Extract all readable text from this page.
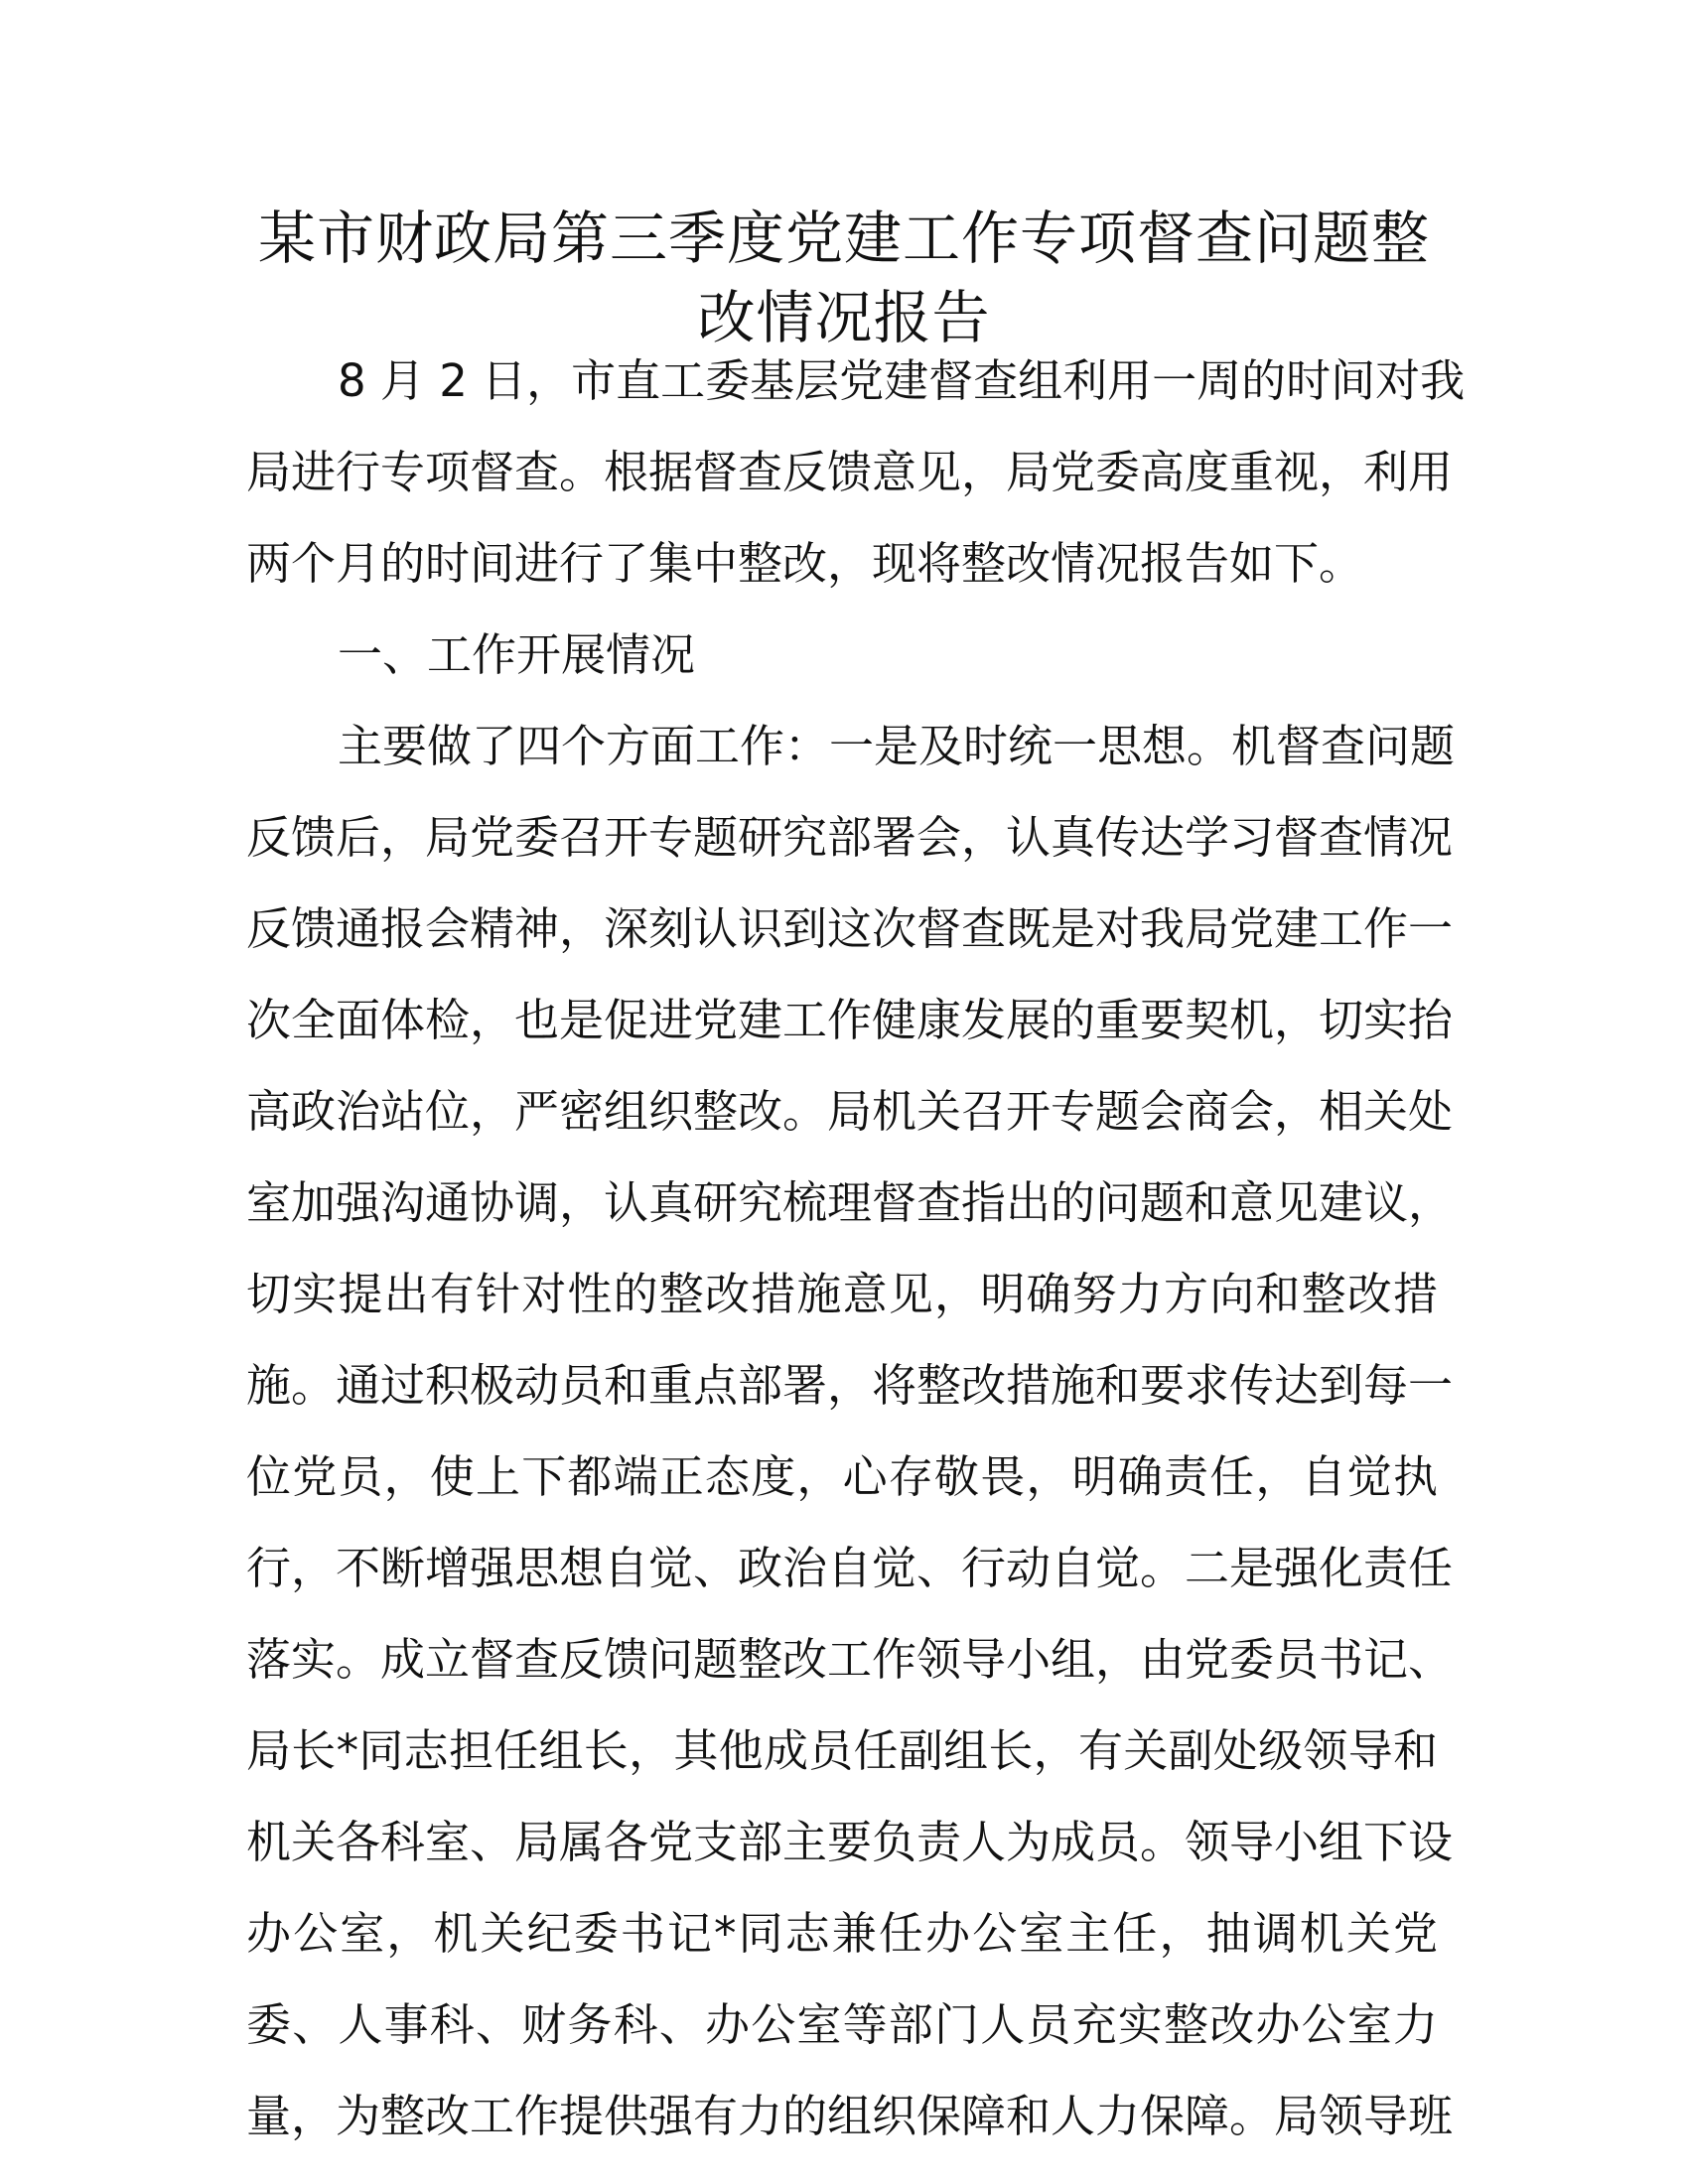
某市财政局第三季度党建工作专项督查问题整
改情况报告
8 月 2 日，市直工委基层党建督查组利用一周的时间对我
局进行专项督查。根据督查反馈意见，局党委高度重视，利用
两个月的时间进行了集中整改，现将整改情况报告如下。
一、工作开展情况
主要做了四个方面工作：一是及时统一思想。机督查问题
反馈后，局党委召开专题研究部署会，认真传达学习督查情况
反馈通报会精神，深刻认识到这次督查既是对我局党建工作一
次全面体检，也是促进党建工作健康发展的重要契机，切实抬
高政治站位，严密组织整改。局机关召开专题会商会，相关处
室加强沟通协调，认真研究梳理督查指出的问题和意见建议，
切实提出有针对性的整改措施意见，明确努力方向和整改措
施。通过积极动员和重点部署，将整改措施和要求传达到每一
位党员，使上下都端正态度，心存敬畏，明确责任，自觉执
行，不断增强思想自觉、政治自觉、行动自觉。二是强化责任
落实。成立督查反馈问题整改工作领导小组，由党委员书记、
局长*同志担任组长，其他成员任副组长，有关副处级领导和
机关各科室、局属各党支部主要负责人为成员。领导小组下设
办公室，机关纪委书记*同志兼任办公室主任，抽调机关党
委、人事科、财务科、办公室等部门人员充实整改办公室力
量，为整改工作提供强有力的组织保障和人力保障。局领导班
